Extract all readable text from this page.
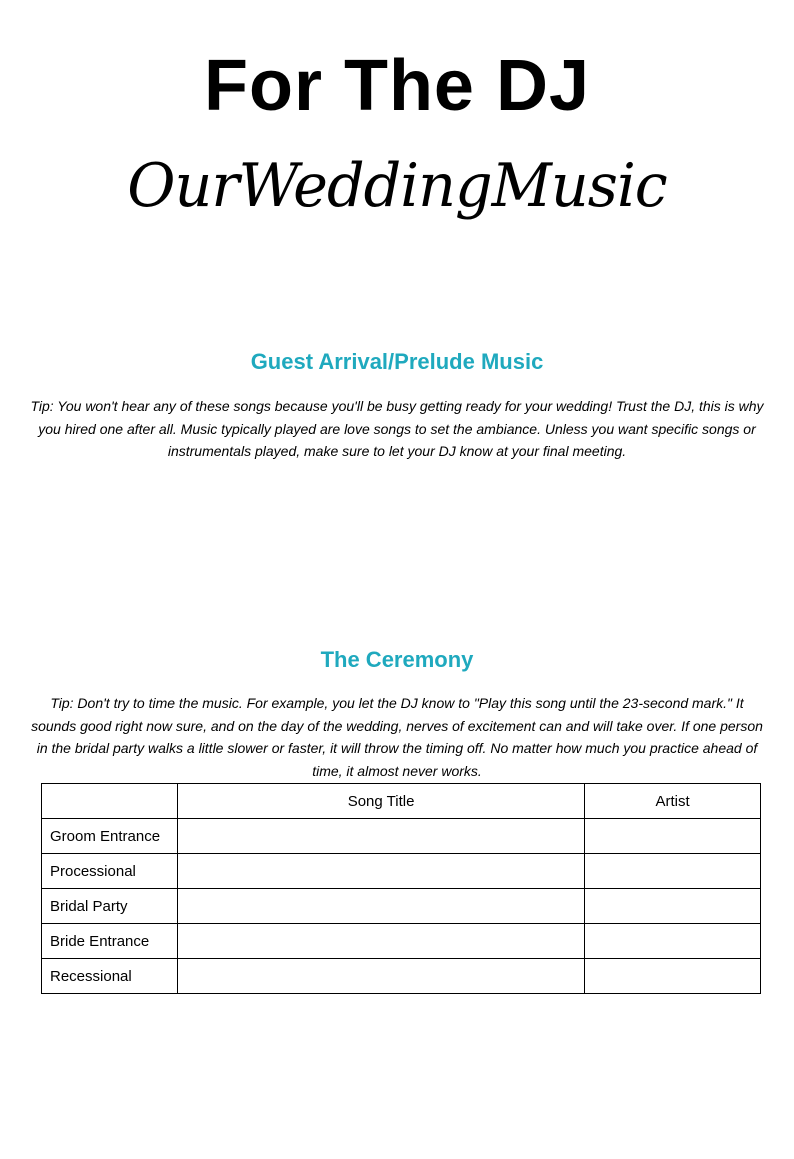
For The DJ
OurWeddingMusic
Guest Arrival/Prelude Music
Tip: You won't hear any of these songs because you'll be busy getting ready for your wedding! Trust the DJ, this is why you hired one after all. Music typically played are love songs to set the ambiance. Unless you want specific songs or instrumentals played, make sure to let your DJ know at your final meeting.
The Ceremony
Tip: Don't try to time the music. For example, you let the DJ know to "Play this song until the 23-second mark." It sounds good right now sure, and on the day of the wedding, nerves of excitement can and will take over. If one person in the bridal party walks a little slower or faster, it will throw the timing off. No matter how much you practice ahead of time, it almost never works.
	Song Title	Artist
Groom Entrance		
Processional		
Bridal Party		
Bride Entrance		
Recessional		
